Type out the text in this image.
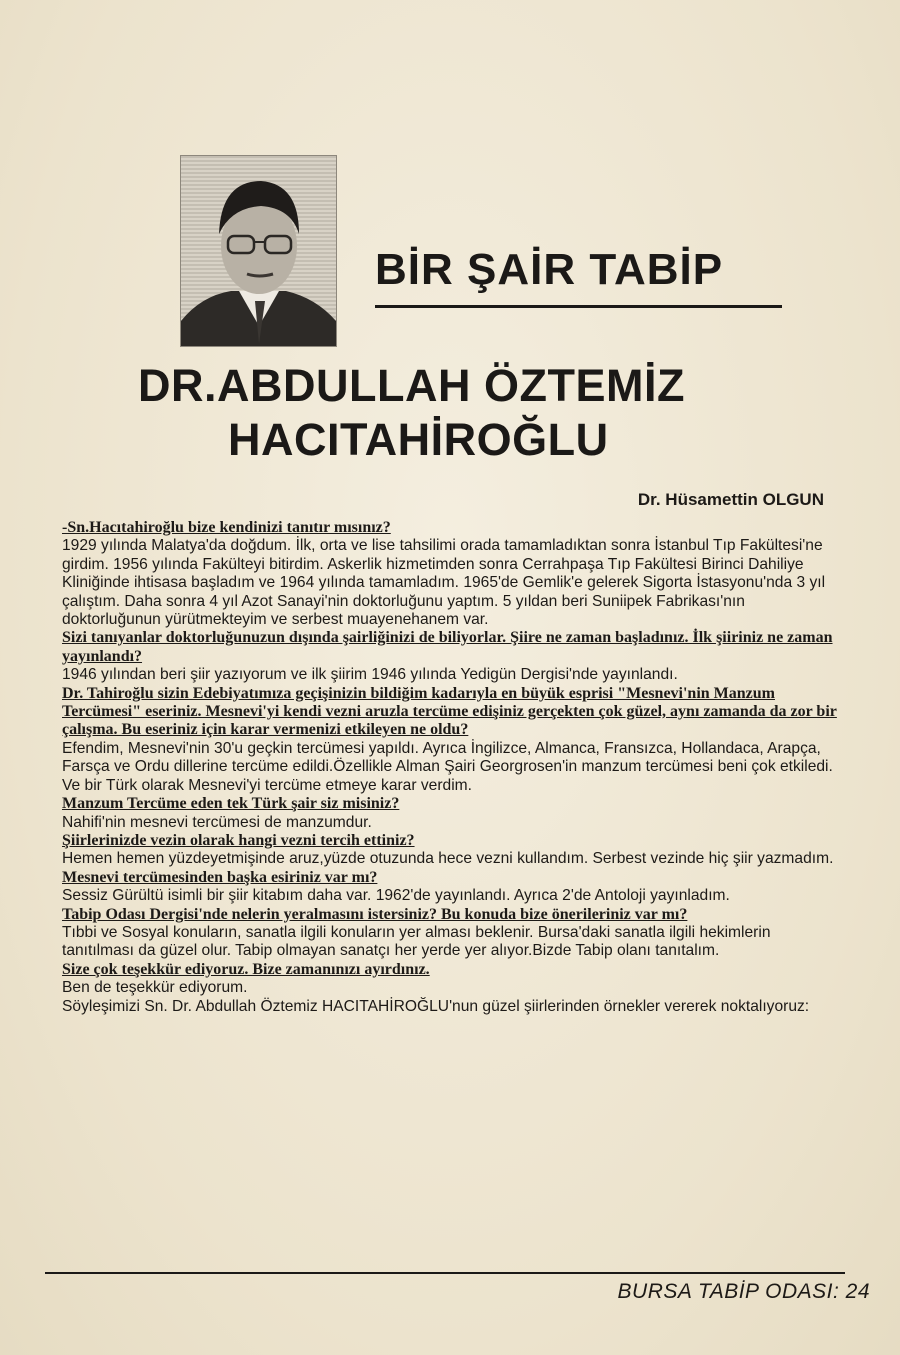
BİR ŞAİR TABİP
DR.ABDULLAH ÖZTEMİZ
HACITAHİROĞLU
Dr. Hüsamettin OLGUN
-Sn.Hacıtahiroğlu bize kendinizi tanıtır mısınız?
1929 yılında Malatya'da doğdum. İlk, orta ve lise tahsilimi orada tamamladıktan sonra İstanbul Tıp Fakültesi'ne girdim. 1956 yılında Fakülteyi bitirdim. Askerlik hizmetimden sonra Cerrahpaşa Tıp Fakültesi Birinci Dahiliye Kliniğinde ihtisasa başladım ve 1964 yılında tamamladım. 1965'de Gemlik'e gelerek Sigorta İstasyonu'nda 3 yıl çalıştım. Daha sonra 4 yıl Azot Sanayi'nin doktorluğunu yaptım. 5 yıldan beri Suniipek Fabrikası'nın doktorluğunun yürütmekteyim ve serbest muayenehanem var.
Sizi tanıyanlar doktorluğunuzun dışında şairliğinizi de biliyorlar. Şiire ne zaman başladınız. İlk şiiriniz ne zaman yayınlandı?
1946 yılından beri şiir yazıyorum ve ilk şiirim 1946 yılında Yedigün Dergisi'nde yayınlandı.
Dr. Tahiroğlu sizin Edebiyatımıza geçişinizin bildiğim kadarıyla en büyük esprisi "Mesnevi'nin Manzum Tercümesi" eseriniz. Mesnevi'yi kendi vezni aruzla tercüme edişiniz gerçekten çok güzel, aynı zamanda da zor bir çalışma. Bu eseriniz için karar vermenizi etkileyen ne oldu?
Efendim, Mesnevi'nin 30'u geçkin tercümesi yapıldı. Ayrıca İngilizce, Almanca, Fransızca, Hollandaca, Arapça, Farsça ve Ordu dillerine tercüme edildi.Özellikle Alman Şairi Georgrosen'in manzum tercümesi beni çok etkiledi. Ve bir Türk olarak Mesnevi'yi tercüme etmeye karar verdim.
Manzum Tercüme eden tek Türk şair siz misiniz?
Nahifi'nin mesnevi tercümesi de manzumdur.
Şiirlerinizde vezin olarak hangi vezni tercih ettiniz?
Hemen hemen yüzdeyetmişinde aruz,yüzde otuzunda hece vezni kullandım. Serbest vezinde hiç şiir yazmadım.
Mesnevi tercümesinden başka esiriniz var mı?
Sessiz Gürültü isimli bir şiir kitabım daha var. 1962'de yayınlandı. Ayrıca 2'de Antoloji yayınladım.
Tabip Odası Dergisi'nde nelerin yeralmasını istersiniz? Bu konuda bize önerileriniz var mı?
Tıbbi ve Sosyal konuların, sanatla ilgili konuların yer alması beklenir. Bursa'daki sanatla ilgili hekimlerin tanıtılması da güzel olur. Tabip olmayan sanatçı her yerde yer alıyor.Bizde Tabip olanı tanıtalım.
Size çok teşekkür ediyoruz. Bize zamanınızı ayırdınız.
Ben de teşekkür ediyorum.
Söyleşimizi Sn. Dr. Abdullah Öztemiz HACITAHİROĞLU'nun güzel şiirlerinden örnekler vererek noktalıyoruz:
BURSA TABİP ODASI: 24
